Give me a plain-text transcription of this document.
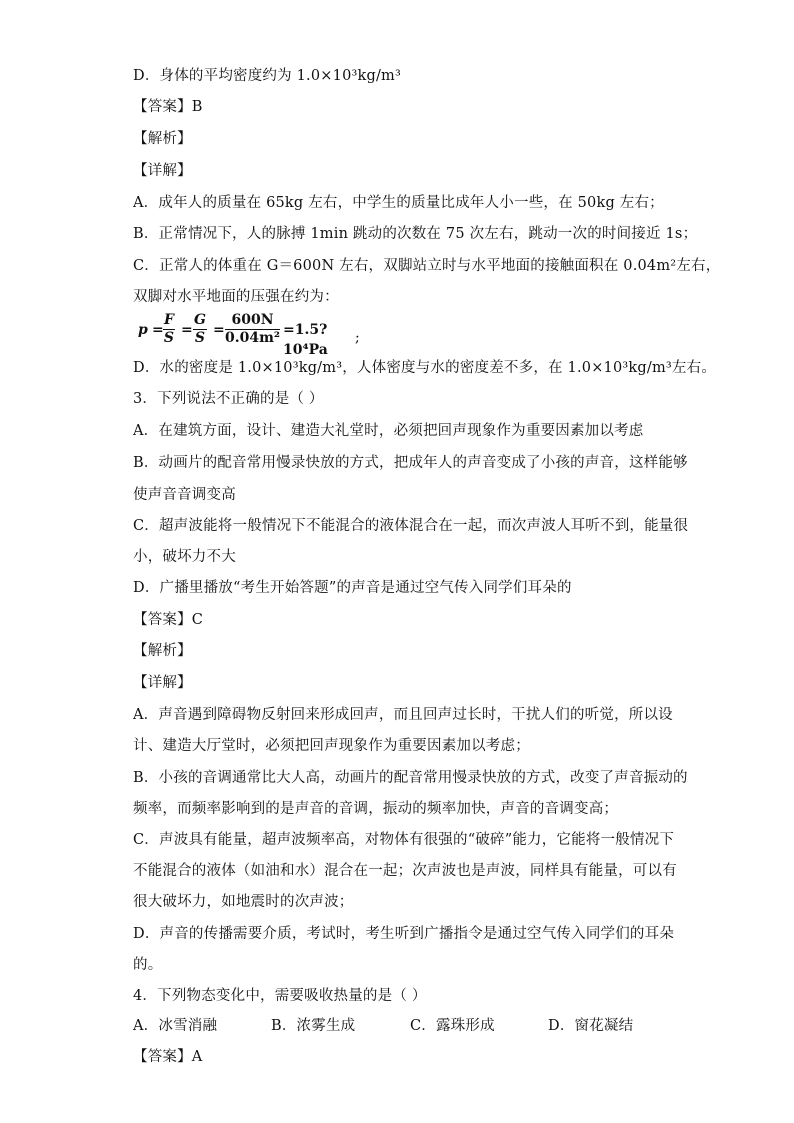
D．身体的平均密度约为 1.0×10³kg/m³
【答案】B
【解析】
【详解】
A．成年人的质量在 65kg 左右，中学生的质量比成年人小一些，在 50kg 左右；
B．正常情况下，人的脉搏 1min 跳动的次数在 75 次左右，跳动一次的时间接近 1s；
C．正常人的体重在 G＝600N 左右，双脚站立时与水平地面的接触面积在 0.04m²左右，
双脚对水平地面的压强在约为：
$p = \frac{F}{S} = \frac{G}{S} = \frac{600N}{\text{0.04m²}}$ =1.5?10⁴Pa
;
D．水的密度是 1.0×10³kg/m³，人体密度与水的密度差不多，在 1.0×10³kg/m³左右。
3．下列说法不正确的是（ ）
A．在建筑方面，设计、建造大礼堂时，必须把回声现象作为重要因素加以考虑
B．动画片的配音常用慢录快放的方式，把成年人的声音变成了小孩的声音，这样能够
使声音音调变高
C．超声波能将一般情况下不能混合的液体混合在一起，而次声波人耳听不到，能量很
小，破坏力不大
D．广播里播放“考生开始答题”的声音是通过空气传入同学们耳朵的
【答案】C
【解析】
【详解】
A．声音遇到障碍物反射回来形成回声，而且回声过长时，干扰人们的听觉，所以设
计、建造大厅堂时，必须把回声现象作为重要因素加以考虑；
B．小孩的音调通常比大人高，动画片的配音常用慢录快放的方式，改变了声音振动的
频率，而频率影响到的是声音的音调，振动的频率加快，声音的音调变高；
C．声波具有能量，超声波频率高，对物体有很强的“破碎”能力，它能将一般情况下
不能混合的液体（如油和水）混合在一起；次声波也是声波，同样具有能量，可以有
很大破坏力，如地震时的次声波；
D．声音的传播需要介质，考试时，考生听到广播指令是通过空气传入同学们的耳朵
的。
4．下列物态变化中，需要吸收热量的是（ ）
A．冰雪消融	B．浓雾生成	C．露珠形成	D．窗花凝结
【答案】A
